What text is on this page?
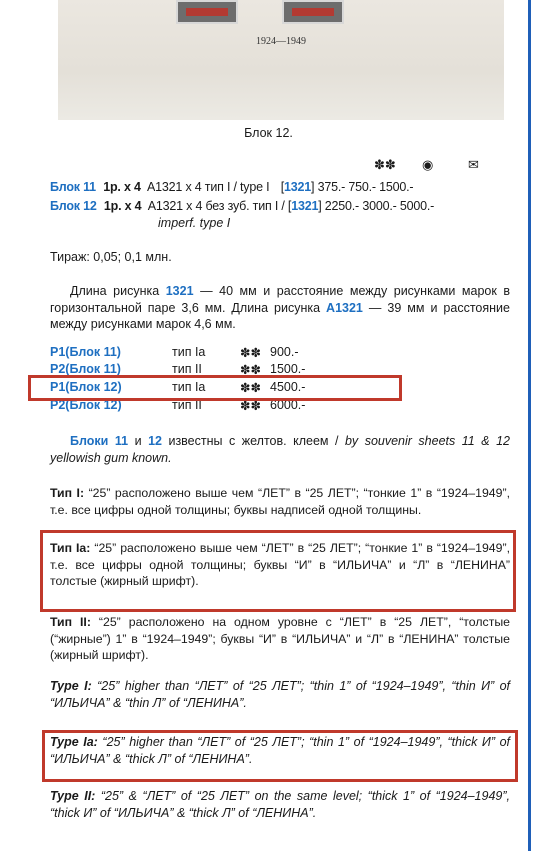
1924—1949
Блок 12.
✽✽ ◉	✉
Блок 11 1р. х 4 А1321 х 4 тип I / type I [1321] 375.- 750.- 1500.-
Блок 12 1р. х 4 А1321 х 4 без зуб. тип I / [1321] 2250.- 3000.- 5000.-
imperf. type I
Тираж: 0,05; 0,1 млн.
Длина рисунка 1321 — 40 мм и расстояние между рисунками марок в горизонтальной паре 3,6 мм. Длина рисунка А1321 — 39 мм и расстояние между рисунками марок 4,6 мм.
Р1(Блок 11)	тип Iа	✽✽ 900.-
Р2(Блок 11)	тип II	✽✽ 1500.-
Р1(Блок 12)	тип Iа	✽✽ 4500.-
Р2(Блок 12)	тип II	✽✽ 6000.-
Блоки 11 и 12 известны с желтов. клеем / by souvenir sheets 11 & 12 yellowish gum known.
Тип I: “25” расположено выше чем “ЛЕТ” в “25 ЛЕТ”; “тонкие 1” в “1924–1949”, т.е. все цифры одной толщины; буквы надписей одной толщины.
Тип Iа: “25” расположено выше чем “ЛЕТ” в “25 ЛЕТ”; “тонкие 1” в “1924–1949”, т.е. все цифры одной толщины; буквы “И” в “ИЛЬИЧА” и “Л” в “ЛЕНИНА” толстые (жирный шрифт).
Тип II: “25” расположено на одном уровне с “ЛЕТ” в “25 ЛЕТ”, “толстые (“жирные”) 1” в “1924–1949”; буквы “И” в “ИЛЬИЧА” и “Л” в “ЛЕНИНА” толстые (жирный шрифт).
Type I: “25” higher than “ЛЕТ” of “25 ЛЕТ”; “thin 1” of “1924–1949”, “thin И” of “ИЛЬИЧА” & “thin Л” of “ЛЕНИНА”.
Type Iа: “25” higher than “ЛЕТ” of “25 ЛЕТ”; “thin 1” of “1924–1949”, “thick И” of “ИЛЬИЧА” & “thick Л” of “ЛЕНИНА”.
Type II: “25” & “ЛЕТ” of “25 ЛЕТ” on the same level; “thick 1” of “1924–1949”, “thick И” of “ИЛЬИЧА” & “thick Л” of “ЛЕНИНА”.
